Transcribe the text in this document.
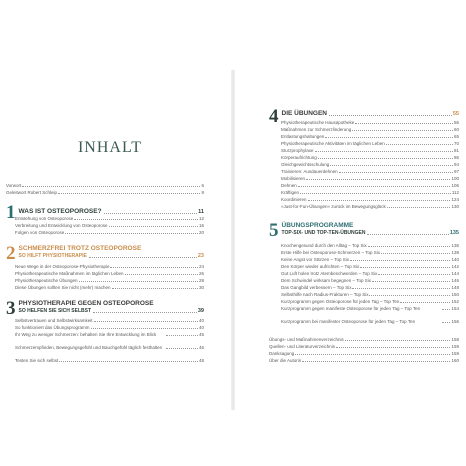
INHALT
Vorwort	6
Geleitwort Robert Schleip	8
1 WAS IST OSTEOPOROSE?	11
Entstehung von Osteoporose	12
Verbreitung und Entwicklung von Osteoporose	16
Folgen von Osteoporose	20
2 SCHMERZFREI TROTZ OSTEOPOROSE
SO HILFT PHYSIOTHERAPIE	23
Neue Wege in der Osteoporose-Physiotherapie	24
Physiotherapeutische Maßnahmen im täglichen Leben	26
Physiotherapeutische Übungen	28
Diese Übungen sollten Sie nicht (mehr) machen	30
3 PHYSIOTHERAPIE GEGEN OSTEOPOROSE
SO HELFEN SIE SICH SELBST	39
Selbstvertrauen und Selbstwirksamkeit	40
So funktioniert das Übungsprogramm	40
Ihr Weg zu weniger Schmerzen: behalten Sie Ihre Entwicklung im Blick	45
Schmerzempfinden, Bewegungsgefühl und Bauchgefühl täglich festhalten	46
Testen Sie sich selbst	48
4 DIE ÜBUNGEN	55
Physiotherapeutische Hausapotheke	56
Maßnahmen zur Schmerzlinderung	60
Entlastungshaltungen	65
Physiotherapeutische Aktivitäten im täglichen Leben	70
Sturzprophylaxe	81
Körperaufrichtung	86
Gleichgewichtsschulung	94
Trainieren: Ausdauerdehnen	97
Mobilisieren	100
Dehnen	106
Kräftigen	112
Koordinieren	124
»Just-for-Fun-Übungen« zurück im Bewegungsglück	130
5 ÜBUNGSPROGRAMME
TOP-SIX- UND TOP-TEN-ÜBUNGEN	135
Knochengesund durch den Alltag – Top Six	136
Erste Hilfe bei Osteoporose-Schmerzen – Top Six	138
Keine Angst vor Stürzen – Top Six	140
Den Körper wieder aufrichten – Top Six	142
Gut Luft holen trotz Atembeschwerden – Top Six	144
Dem Schwindel wirksam begegnen – Top Six	146
Das Gangbild verbessern – Top Six	148
Selbsthilfe nach Radius-Frakturen – Top Six	150
Kurzprogramm gegen Osteoporose für jeden Tag – Top Ten	152
Kurzprogramm gegen manifeste Osteoporose für jeden Tag – Top Ten	154
Kurzprogramm bei manifester Osteoporose für jeden Tag – Top Ten	156
Übungs- und Maßnahmenverzeichnis	158
Quellen- und Literaturverzeichnis	159
Danksagung	159
Über die Autorin	160
